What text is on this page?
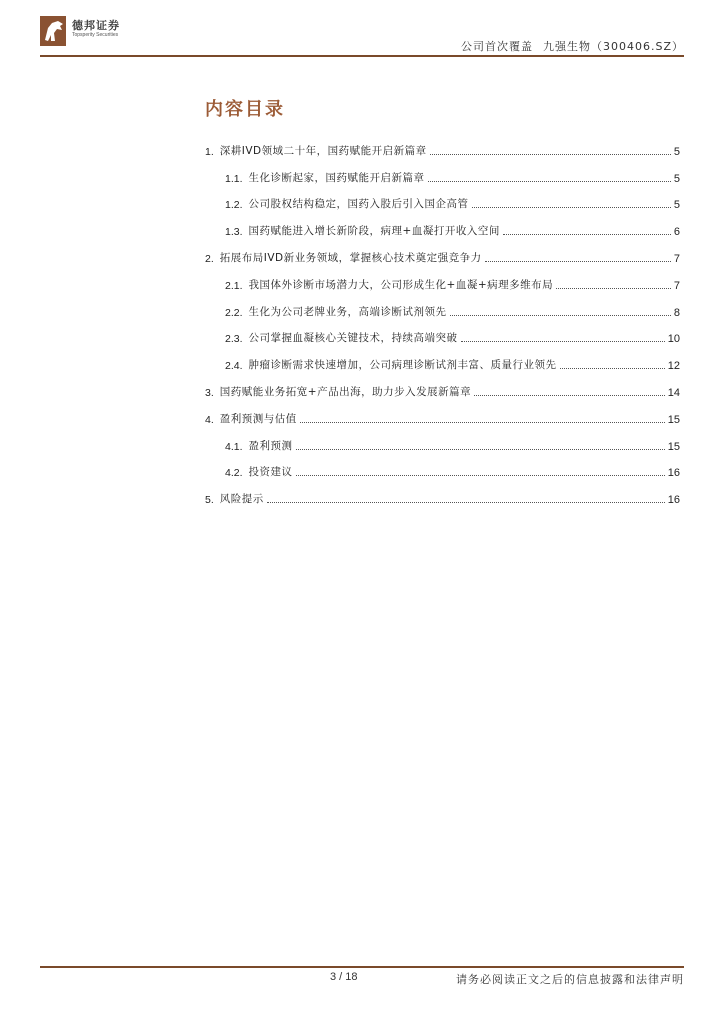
德邦证券
Topsperity Securities
公司首次覆盖 九强生物（300406.SZ）
内容目录
1. 深耕IVD领域二十年，国药赋能开启新篇章	5
1.1. 生化诊断起家，国药赋能开启新篇章	5
1.2. 公司股权结构稳定，国药入股后引入国企高管	5
1.3. 国药赋能进入增长新阶段，病理+血凝打开收入空间	6
2. 拓展布局IVD新业务领域，掌握核心技术奠定强竞争力	7
2.1. 我国体外诊断市场潜力大，公司形成生化+血凝+病理多维布局	7
2.2. 生化为公司老牌业务，高端诊断试剂领先	8
2.3. 公司掌握血凝核心关键技术，持续高端突破	10
2.4. 肿瘤诊断需求快速增加，公司病理诊断试剂丰富、质量行业领先	12
3. 国药赋能业务拓宽+产品出海，助力步入发展新篇章	14
4. 盈利预测与估值	15
4.1. 盈利预测	15
4.2. 投资建议	16
5. 风险提示	16
3 / 18	请务必阅读正文之后的信息披露和法律声明
